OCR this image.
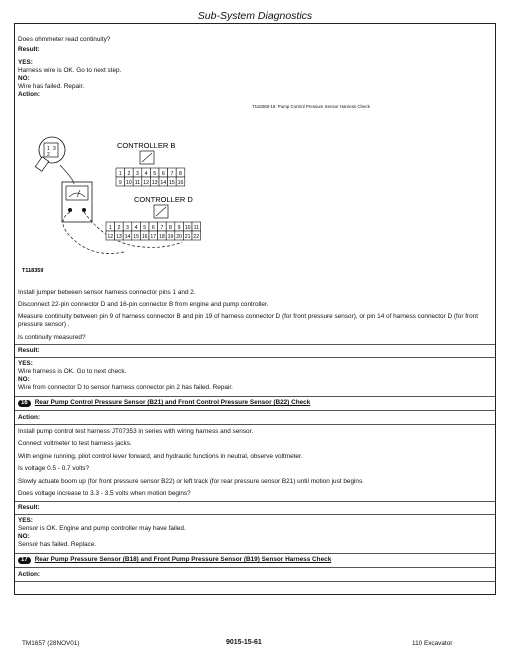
Sub-System Diagnostics
Does ohmmeter read continuity?
Result:
YES:
Harness wire is OK. Go to next step.
NO:
Wire has failed. Repair.
Action:
T118359-19: Pump Control Pressure Sensor Harness Check
1 3
2
CONTROLLER B
1 2 3 4 5 6 7 8
9 10 11 12 13 14 15 16
CONTROLLER D
1 2 3 4 5 6 7 8 9 10 11
12 13 14 15 16 17 18 19 20 21 22
T118359
Install jumper between sensor harness connector pins 1 and 2.
Disconnect 22-pin connector D and 16-pin connector B from engine and pump controller.
Measure continuity between pin 9 of harness connector B and pin 19 of harness connector D (for front pressure sensor), or pin 14 of harness connector D (for front pressure sensor) .
Is continuity measured?
Result:
YES:
Wire harness is OK. Go to next check.
NO:
Wire from connector D to sensor harness connector pin 2 has failed. Repair.
16 Rear Pump Control Pressure Sensor (B21) and Front Control Pressure Sensor (B22) Check
Action:
Install pump control test harness JT07353 in series with wiring harness and sensor.
Connect voltmeter to test harness jacks.
With engine running, pilot control lever forward, and hydraulic functions in neutral, observe voltmeter.
Is voltage 0.5 - 0.7 volts?
Slowly actuate boom up (for front pressure sensor B22) or left track (for rear pressure sensor B21) until motion just begins.
Does voltage increase to 3.3 - 3.5 volts when motion begins?
Result:
YES:
Sensor is OK. Engine and pump controller may have failed.
NO:
Sensor has failed. Replace.
17 Rear Pump Pressure Sensor (B18) and Front Pump Pressure Sensor (B19) Sensor Harness Check
Action:
TM1657 (28NOV01)	9015-15-61	110 Excavator
